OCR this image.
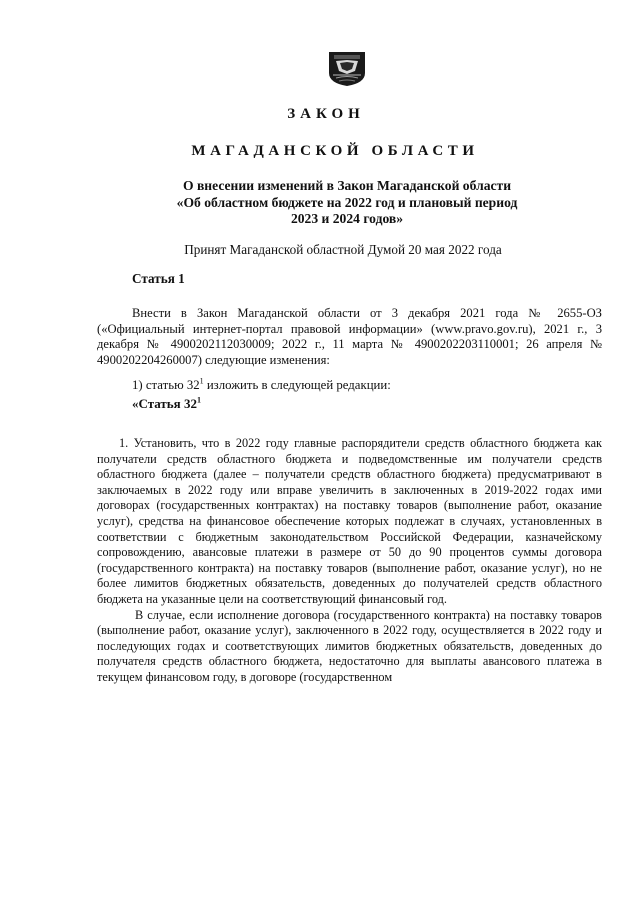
ЗАКОН
МАГАДАНСКОЙ ОБЛАСТИ
О внесении изменений в Закон Магаданской области
«Об областном бюджете на 2022 год и плановый период
2023 и 2024 годов»
Принят Магаданской областной Думой 20 мая 2022 года
Статья 1

Внести в Закон Магаданской области от 3 декабря 2021 года № 2655-ОЗ («Официальный интернет-портал правовой информации» (www.pravo.gov.ru), 2021 г., 3 декабря № 4900202112030009; 2022 г., 11 марта № 4900202203110001; 26 апреля № 4900202204260007) следующие изменения:

1) статью $32^1$ изложить в следующей редакции:
«Статья $32^1$

1. Установить, что в 2022 году главные распорядители средств областного бюджета как получатели средств областного бюджета и подведомственные им получатели средств областного бюджета (далее – получатели средств областного бюджета) предусматривают в заключаемых в 2022 году или вправе увеличить в заключенных в 2019-2022 годах ими договорах (государственных контрактах) на поставку товаров (выполнение работ, оказание услуг), средства на финансовое обеспечение которых подлежат в случаях, установленных в соответствии с бюджетным законодательством Российской Федерации, казначейскому сопровождению, авансовые платежи в размере от 50 до 90 процентов суммы договора (государственного контракта) на поставку товаров (выполнение работ, оказание услуг), но не более лимитов бюджетных обязательств, доведенных до получателей средств областного бюджета на указанные цели на соответствующий финансовый год.

В случае, если исполнение договора (государственного контракта) на поставку товаров (выполнение работ, оказание услуг), заключенного в 2022 году, осуществляется в 2022 году и последующих годах и соответствующих лимитов бюджетных обязательств, доведенных до получателя средств областного бюджета, недостаточно для выплаты авансового платежа в текущем финансовом году, в договоре (государственном
